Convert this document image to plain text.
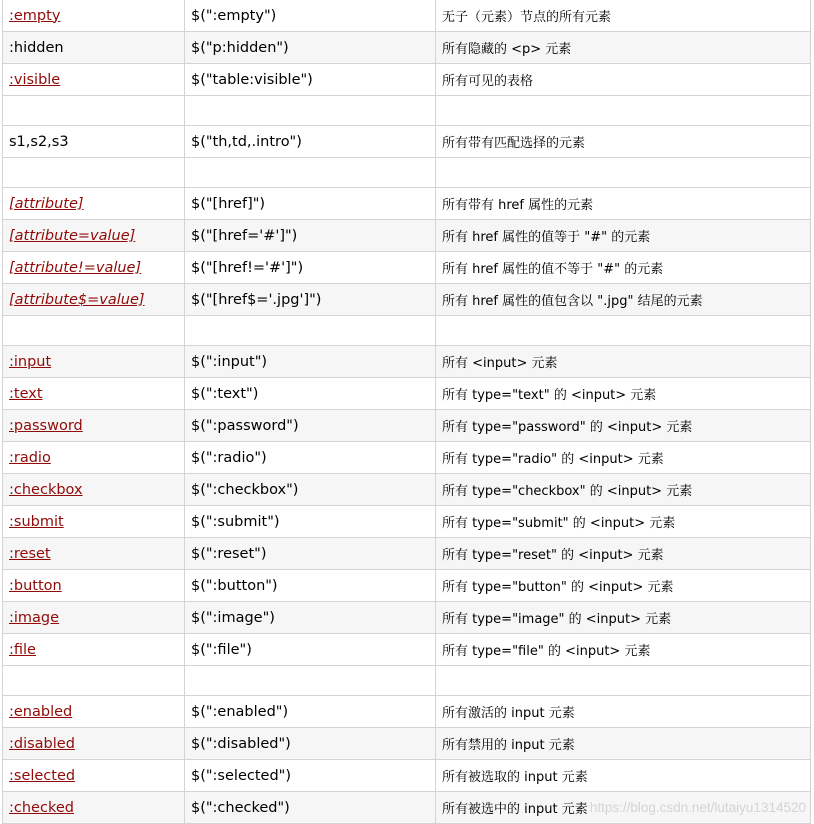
:empty	$(":empty")	无子（元素）节点的所有元素
:hidden	$("p:hidden")	所有隐藏的 <p> 元素
:visible	$("table:visible")	所有可见的表格

s1,s2,s3	$("th,td,.intro")	所有带有匹配选择的元素

[attribute]	$("[href]")	所有带有 href 属性的元素
[attribute=value]	$("[href='#']")	所有 href 属性的值等于 "#" 的元素
[attribute!=value]	$("[href!='#']")	所有 href 属性的值不等于 "#" 的元素
[attribute$=value]	$("[href$='.jpg']")	所有 href 属性的值包含以 ".jpg" 结尾的元素

:input	$(":input")	所有 <input> 元素
:text	$(":text")	所有 type="text" 的 <input> 元素
:password	$(":password")	所有 type="password" 的 <input> 元素
:radio	$(":radio")	所有 type="radio" 的 <input> 元素
:checkbox	$(":checkbox")	所有 type="checkbox" 的 <input> 元素
:submit	$(":submit")	所有 type="submit" 的 <input> 元素
:reset	$(":reset")	所有 type="reset" 的 <input> 元素
:button	$(":button")	所有 type="button" 的 <input> 元素
:image	$(":image")	所有 type="image" 的 <input> 元素
:file	$(":file")	所有 type="file" 的 <input> 元素

:enabled	$(":enabled")	所有激活的 input 元素
:disabled	$(":disabled")	所有禁用的 input 元素
:selected	$(":selected")	所有被选取的 input 元素
:checked	$(":checked")	所有被选中的 input 元素 https://blog.csdn.net/lutaiyu1314520
